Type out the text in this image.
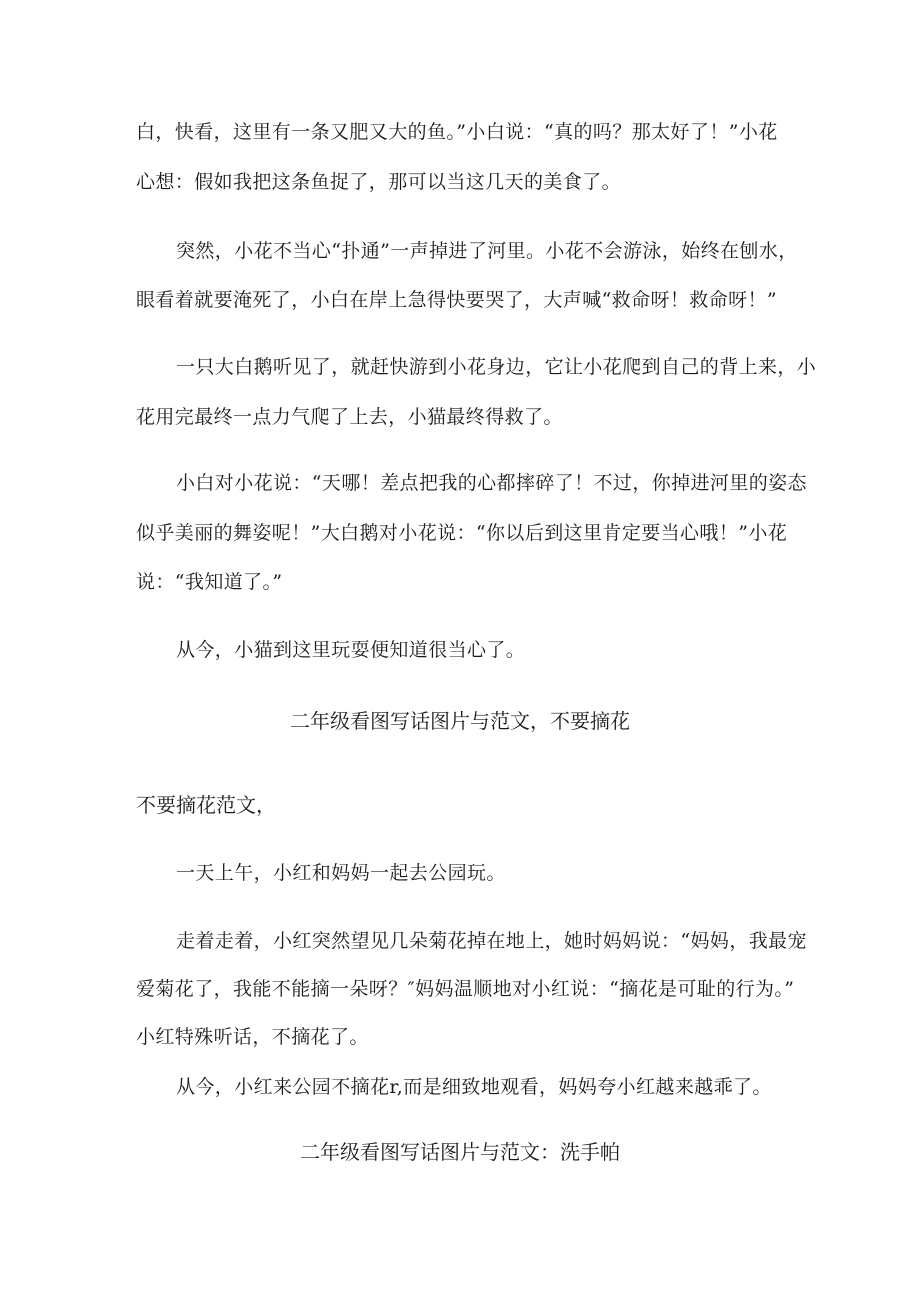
白，快看，这里有一条又肥又大的鱼。”小白说：“真的吗？那太好了！”小花
心想：假如我把这条鱼捉了，那可以当这几天的美食了。
突然，小花不当心“扑通”一声掉进了河里。小花不会游泳，始终在刨水，
眼看着就要淹死了，小白在岸上急得快要哭了，大声喊“救命呀！救命呀！”
一只大白鹅听见了，就赶快游到小花身边，它让小花爬到自己的背上来，小
花用完最终一点力气爬了上去，小猫最终得救了。
小白对小花说：“天哪！差点把我的心都摔碎了！不过，你掉进河里的姿态
似乎美丽的舞姿呢！”大白鹅对小花说：“你以后到这里肯定要当心哦！”小花
说：“我知道了。”
从今，小猫到这里玩耍便知道很当心了。
二年级看图写话图片与范文，不要摘花
不要摘花范文，
一天上午，小红和妈妈一起去公园玩。
走着走着，小红突然望见几朵菊花掉在地上，她时妈妈说：“妈妈，我最宠
爱菊花了，我能不能摘一朵呀？″妈妈温顺地对小红说：“摘花是可耻的行为。”
小红特殊听话，不摘花了。
从今，小红来公园不摘花r,而是细致地观看，妈妈夸小红越来越乖了。
二年级看图写话图片与范文：洗手帕
